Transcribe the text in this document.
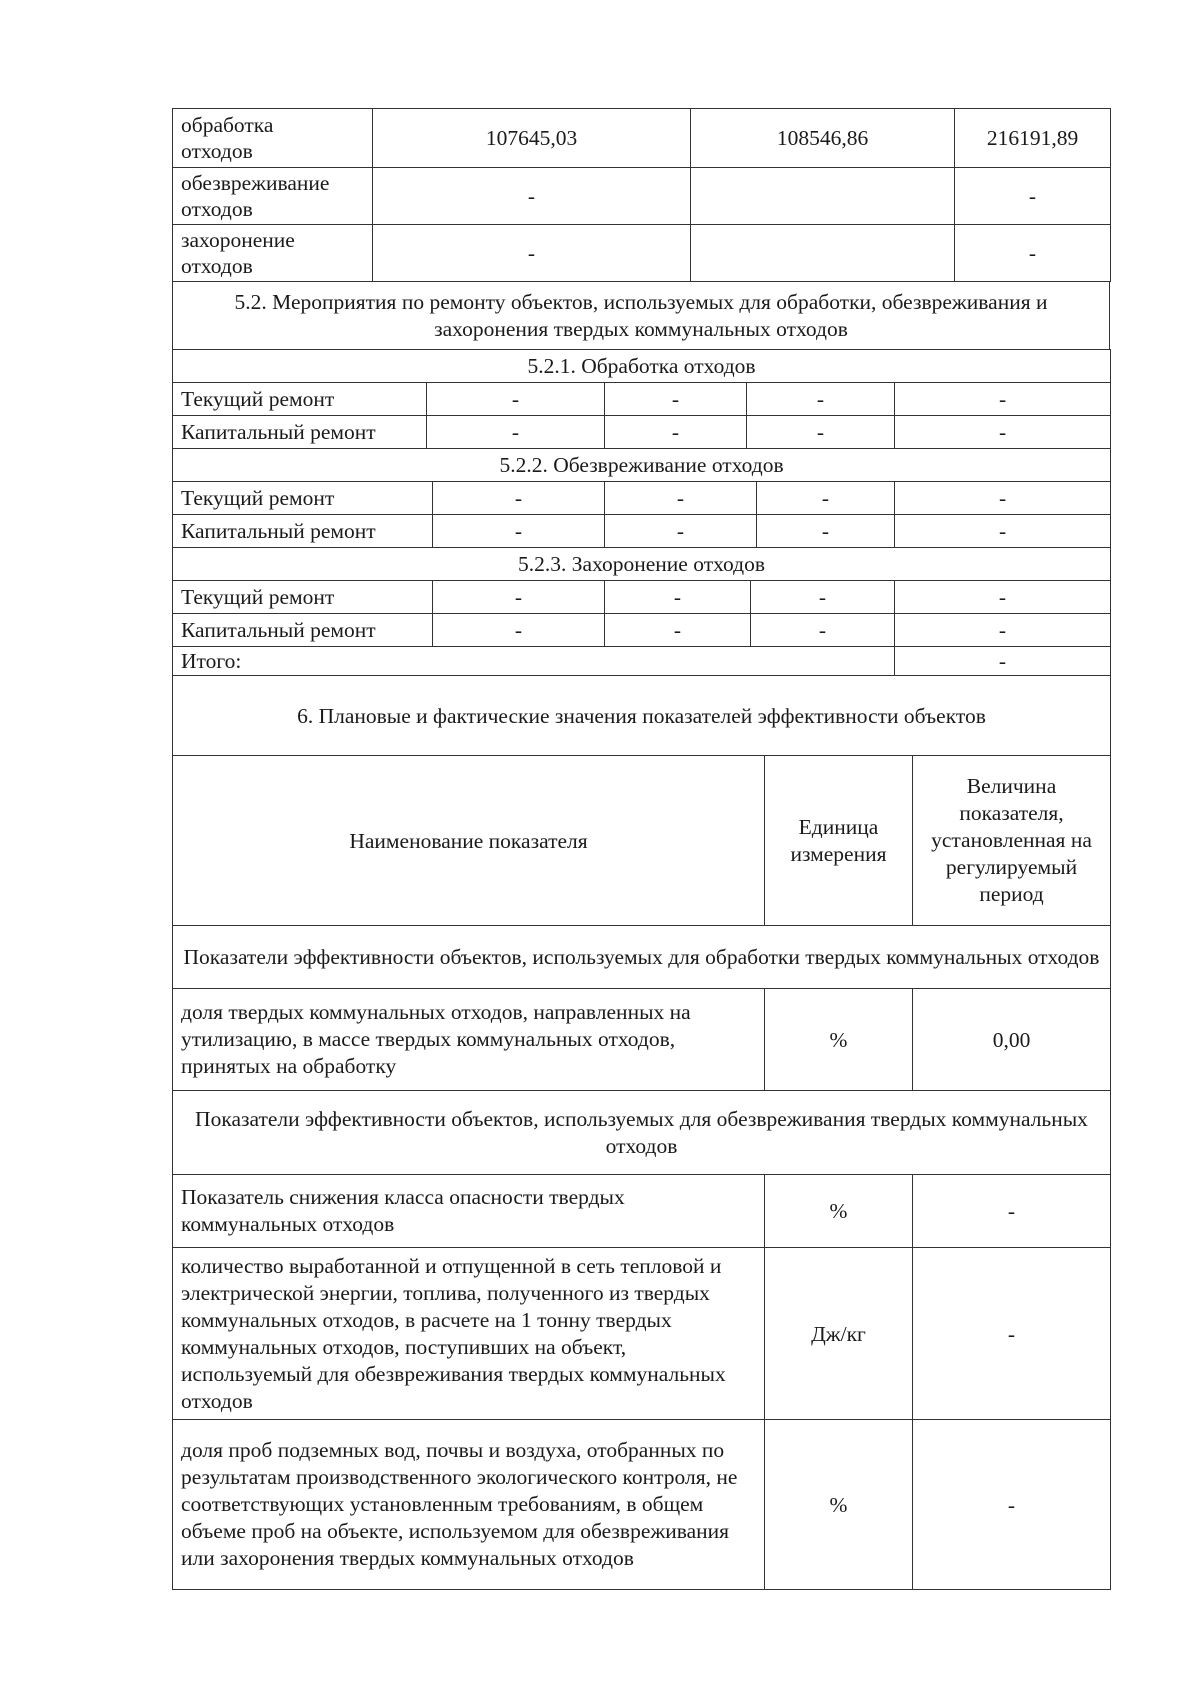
обработка
отходов	107645,03	108546,86	216191,89
обезвреживание
отходов	-		-
захоронение
отходов	-		-
5.2. Мероприятия по ремонту объектов, используемых для обработки, обезвреживания и захоронения твердых коммунальных отходов
5.2.1. Обработка отходов				
Текущий ремонт	-	-	-	-
Капитальный ремонт	-	-	-	-
5.2.2. Обезвреживание отходов				
Текущий ремонт	-	-	-	-
Капитальный ремонт	-	-	-	-
5.2.3. Захоронение отходов				
Текущий ремонт	-	-	-	-
Капитальный ремонт	-	-	-	-
Итого:				-
6. Плановые и фактические значения показателей эффективности объектов		
Наименование показателя	Единица измерения	Величина показателя, установленная на регулируемый период
Показатели эффективности объектов, используемых для обработки твердых коммунальных отходов		
доля твердых коммунальных отходов, направленных на утилизацию, в массе твердых коммунальных отходов, принятых на обработку	%	0,00
Показатели эффективности объектов, используемых для обезвреживания твердых коммунальных отходов		
Показатель снижения класса опасности твердых коммунальных отходов	%	-
количество выработанной и отпущенной в сеть тепловой и электрической энергии, топлива, полученного из твердых коммунальных отходов, в расчете на 1 тонну твердых коммунальных отходов, поступивших на объект, используемый для обезвреживания твердых коммунальных отходов	Дж/кг	-
доля проб подземных вод, почвы и воздуха, отобранных по результатам производственного экологического контроля, не соответствующих установленным требованиям, в общем объеме проб на объекте, используемом для обезвреживания или захоронения твердых коммунальных отходов	%	-
